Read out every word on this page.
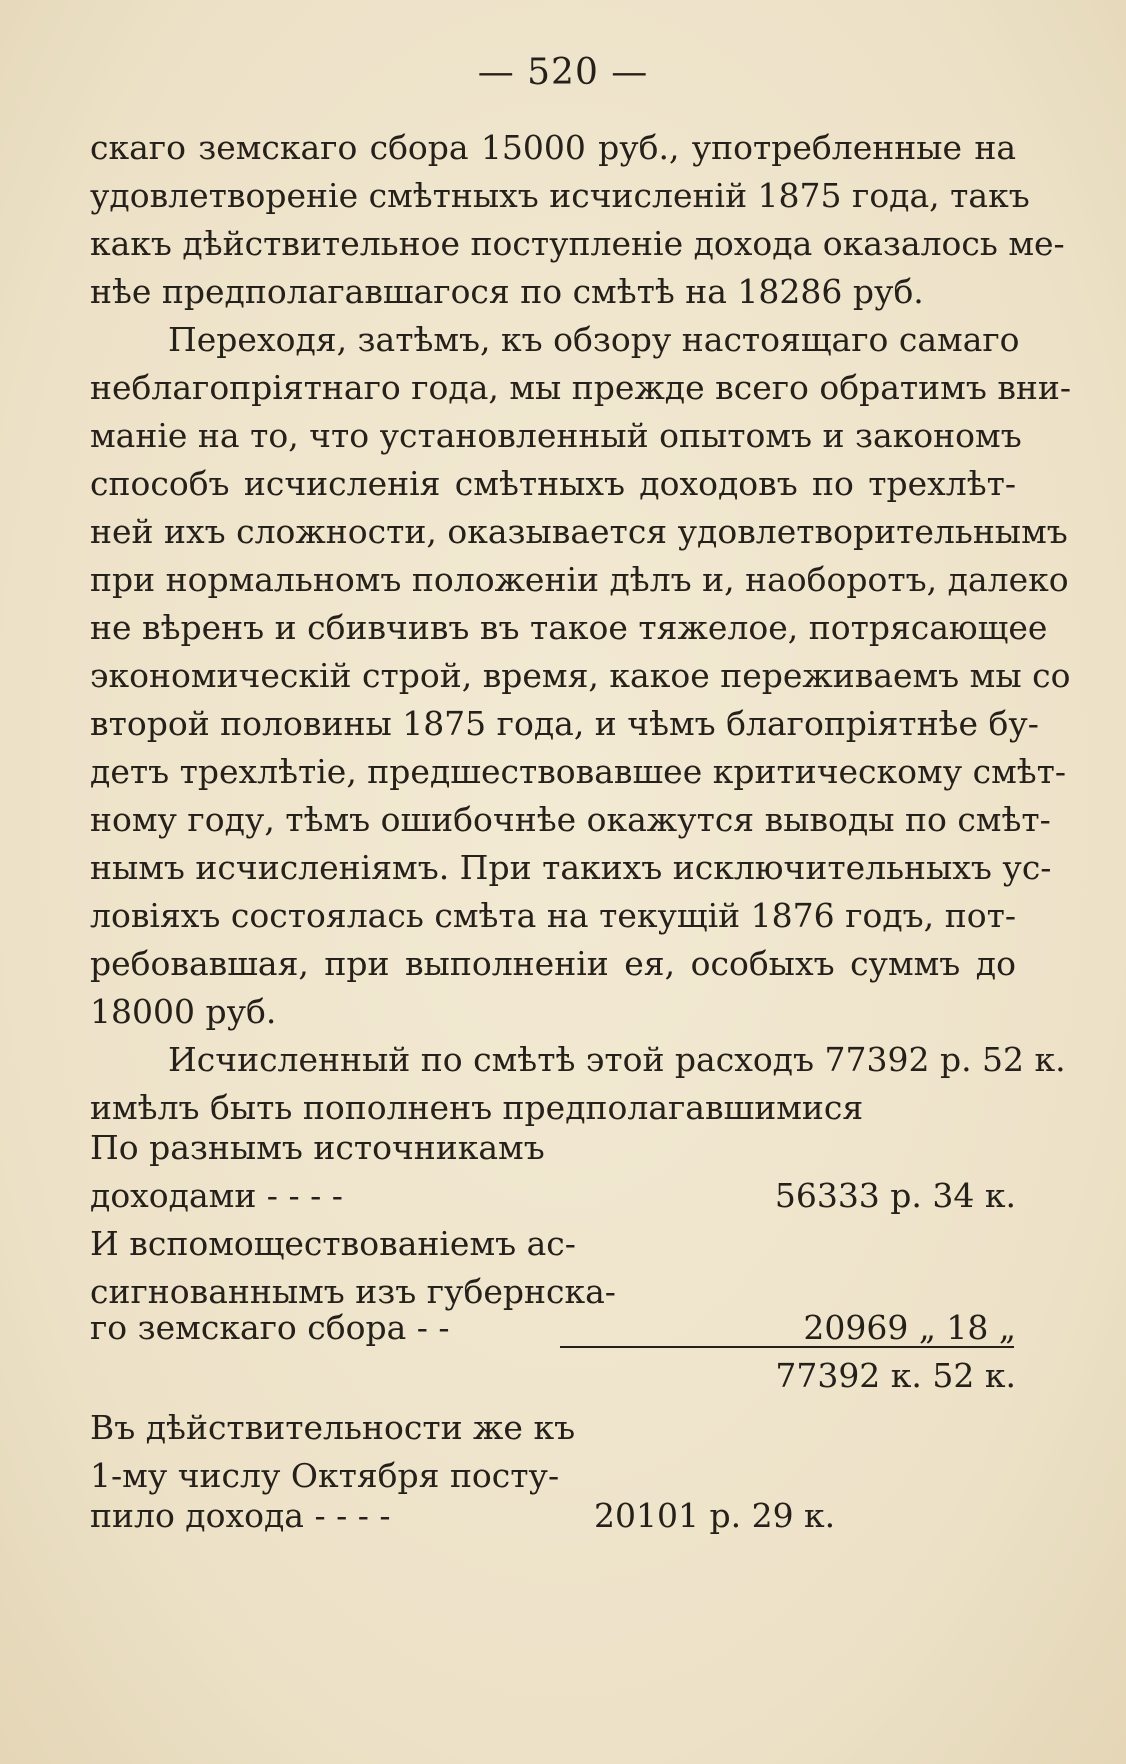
— 520 —
скаго земскаго сбора 15000 руб., употребленные на
удовлетвореніе смѣтныхъ исчисленій 1875 года, такъ
какъ дѣйствительное поступленіе дохода оказалось ме-
нѣе предполагавшагося по смѣтѣ на 18286 руб.
Переходя, затѣмъ, къ обзору настоящаго самаго
неблагопріятнаго года, мы прежде всего обратимъ вни-
маніе на то, что установленный опытомъ и закономъ
способъ исчисленія смѣтныхъ доходовъ по трехлѣт-
ней ихъ сложности, оказывается удовлетворительнымъ
при нормальномъ положеніи дѣлъ и, наоборотъ, далеко
не вѣренъ и сбивчивъ въ такое тяжелое, потрясающее
экономическій строй, время, какое переживаемъ мы со
второй половины 1875 года, и чѣмъ благопріятнѣе бу-
детъ трехлѣтіе, предшествовавшее критическому смѣт-
ному году, тѣмъ ошибочнѣе окажутся выводы по смѣт-
нымъ исчисленіямъ. При такихъ исключительныхъ ус-
ловіяхъ состоялась смѣта на текущій 1876 годъ, пот-
ребовавшая, при выполненіи ея, особыхъ суммъ до
18000 руб.
Исчисленный по смѣтѣ этой расходъ 77392 р. 52 к.
имѣлъ быть пополненъ предполагавшимися
По разнымъ источникамъ
доходами - - - -	56333 р. 34 к.
И вспомоществованіемъ ас-
сигнованнымъ изъ губернска-
го земскаго сбора - -	20969 „ 18 „
77392 к. 52 к.
Въ дѣйствительности же къ
1-му числу Октября посту-
пило дохода - - - -	20101 р. 29 к.
